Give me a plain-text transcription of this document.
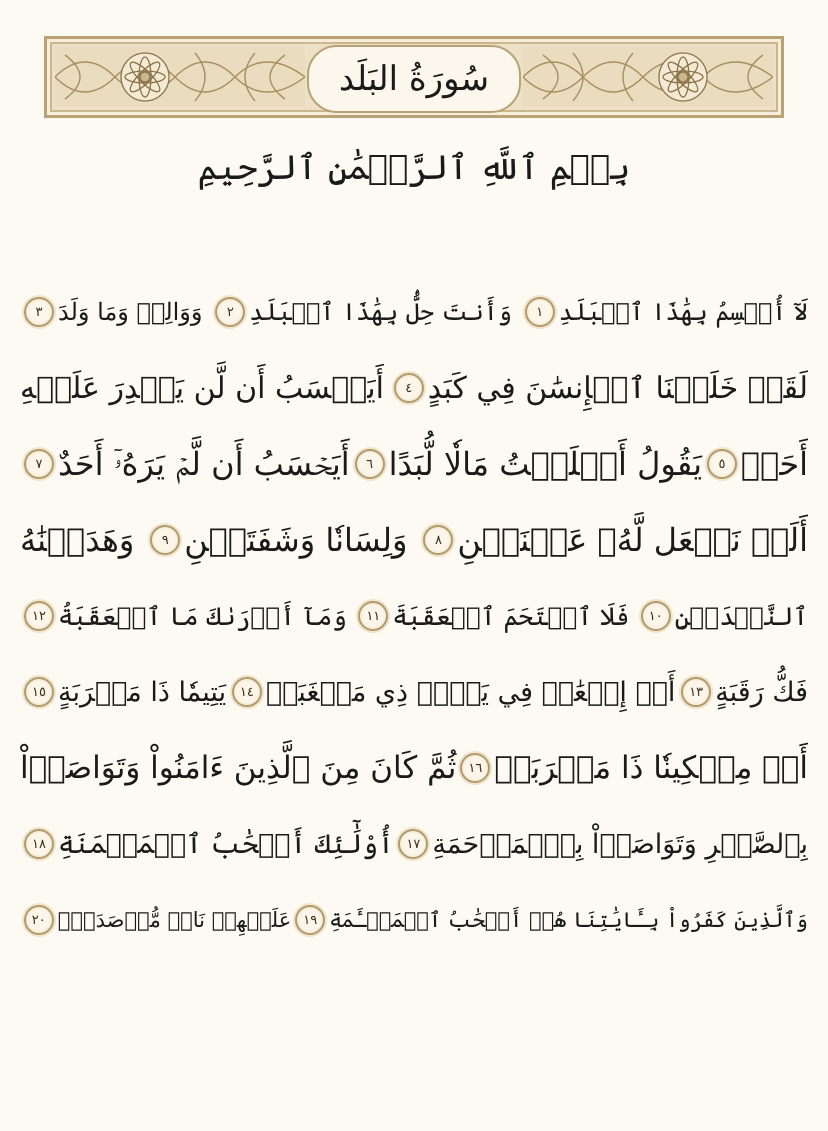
سُورَةُ البَلَد
بِسۡمِ ٱللَّهِ ٱلرَّحۡمَٰنِ ٱلرَّحِيمِ
لَآ أُقۡسِمُ بِهَٰذَا ٱلۡبَلَدِ
١
وَأَنتَ حِلُّۢ بِهَٰذَا ٱلۡبَلَدِ
٢
وَوَالِدٖ وَمَا وَلَدَ
٣
لَقَدۡ خَلَقۡنَا ٱلۡإِنسَٰنَ فِي كَبَدٍ
٤
أَيَحۡسَبُ أَن لَّن يَقۡدِرَ عَلَيۡهِ
أَحَدٞ
٥
يَقُولُ أَهۡلَكۡتُ مَالٗا لُّبَدًا
٦
أَيَحۡسَبُ أَن لَّمۡ يَرَهُۥٓ أَحَدٌ
٧
أَلَمۡ نَجۡعَل لَّهُۥ عَيۡنَيۡنِ
٨
وَلِسَانٗا وَشَفَتَيۡنِ
٩
وَهَدَيۡنَٰهُ
ٱلنَّجۡدَيۡنِ
١٠
فَلَا ٱقۡتَحَمَ ٱلۡعَقَبَةَ
١١
وَمَآ أَدۡرَىٰكَ مَا ٱلۡعَقَبَةُ
١٢
فَكُّ رَقَبَةٍ
١٣
أَوۡ إِطۡعَٰمٞ فِي يَوۡمٖ ذِي مَسۡغَبَةٖ
١٤
يَتِيمٗا ذَا مَقۡرَبَةٍ
١٥
أَوۡ مِسۡكِينٗا ذَا مَتۡرَبَةٖ
١٦
ثُمَّ كَانَ مِنَ ٱلَّذِينَ ءَامَنُواْ وَتَوَاصَوۡاْ
بِٱلصَّبۡرِ وَتَوَاصَوۡاْ بِٱلۡمَرۡحَمَةِ
١٧
أُوْلَٰٓئِكَ أَصۡحَٰبُ ٱلۡمَيۡمَنَةِ
١٨
وَٱلَّذِينَ كَفَرُواْ بِـَٔايَٰتِنَا هُمۡ أَصۡحَٰبُ ٱلۡمَشۡـَٔمَةِ
١٩
عَلَيۡهِمۡ نَارٞ مُّؤۡصَدَةُۢ
٢٠
